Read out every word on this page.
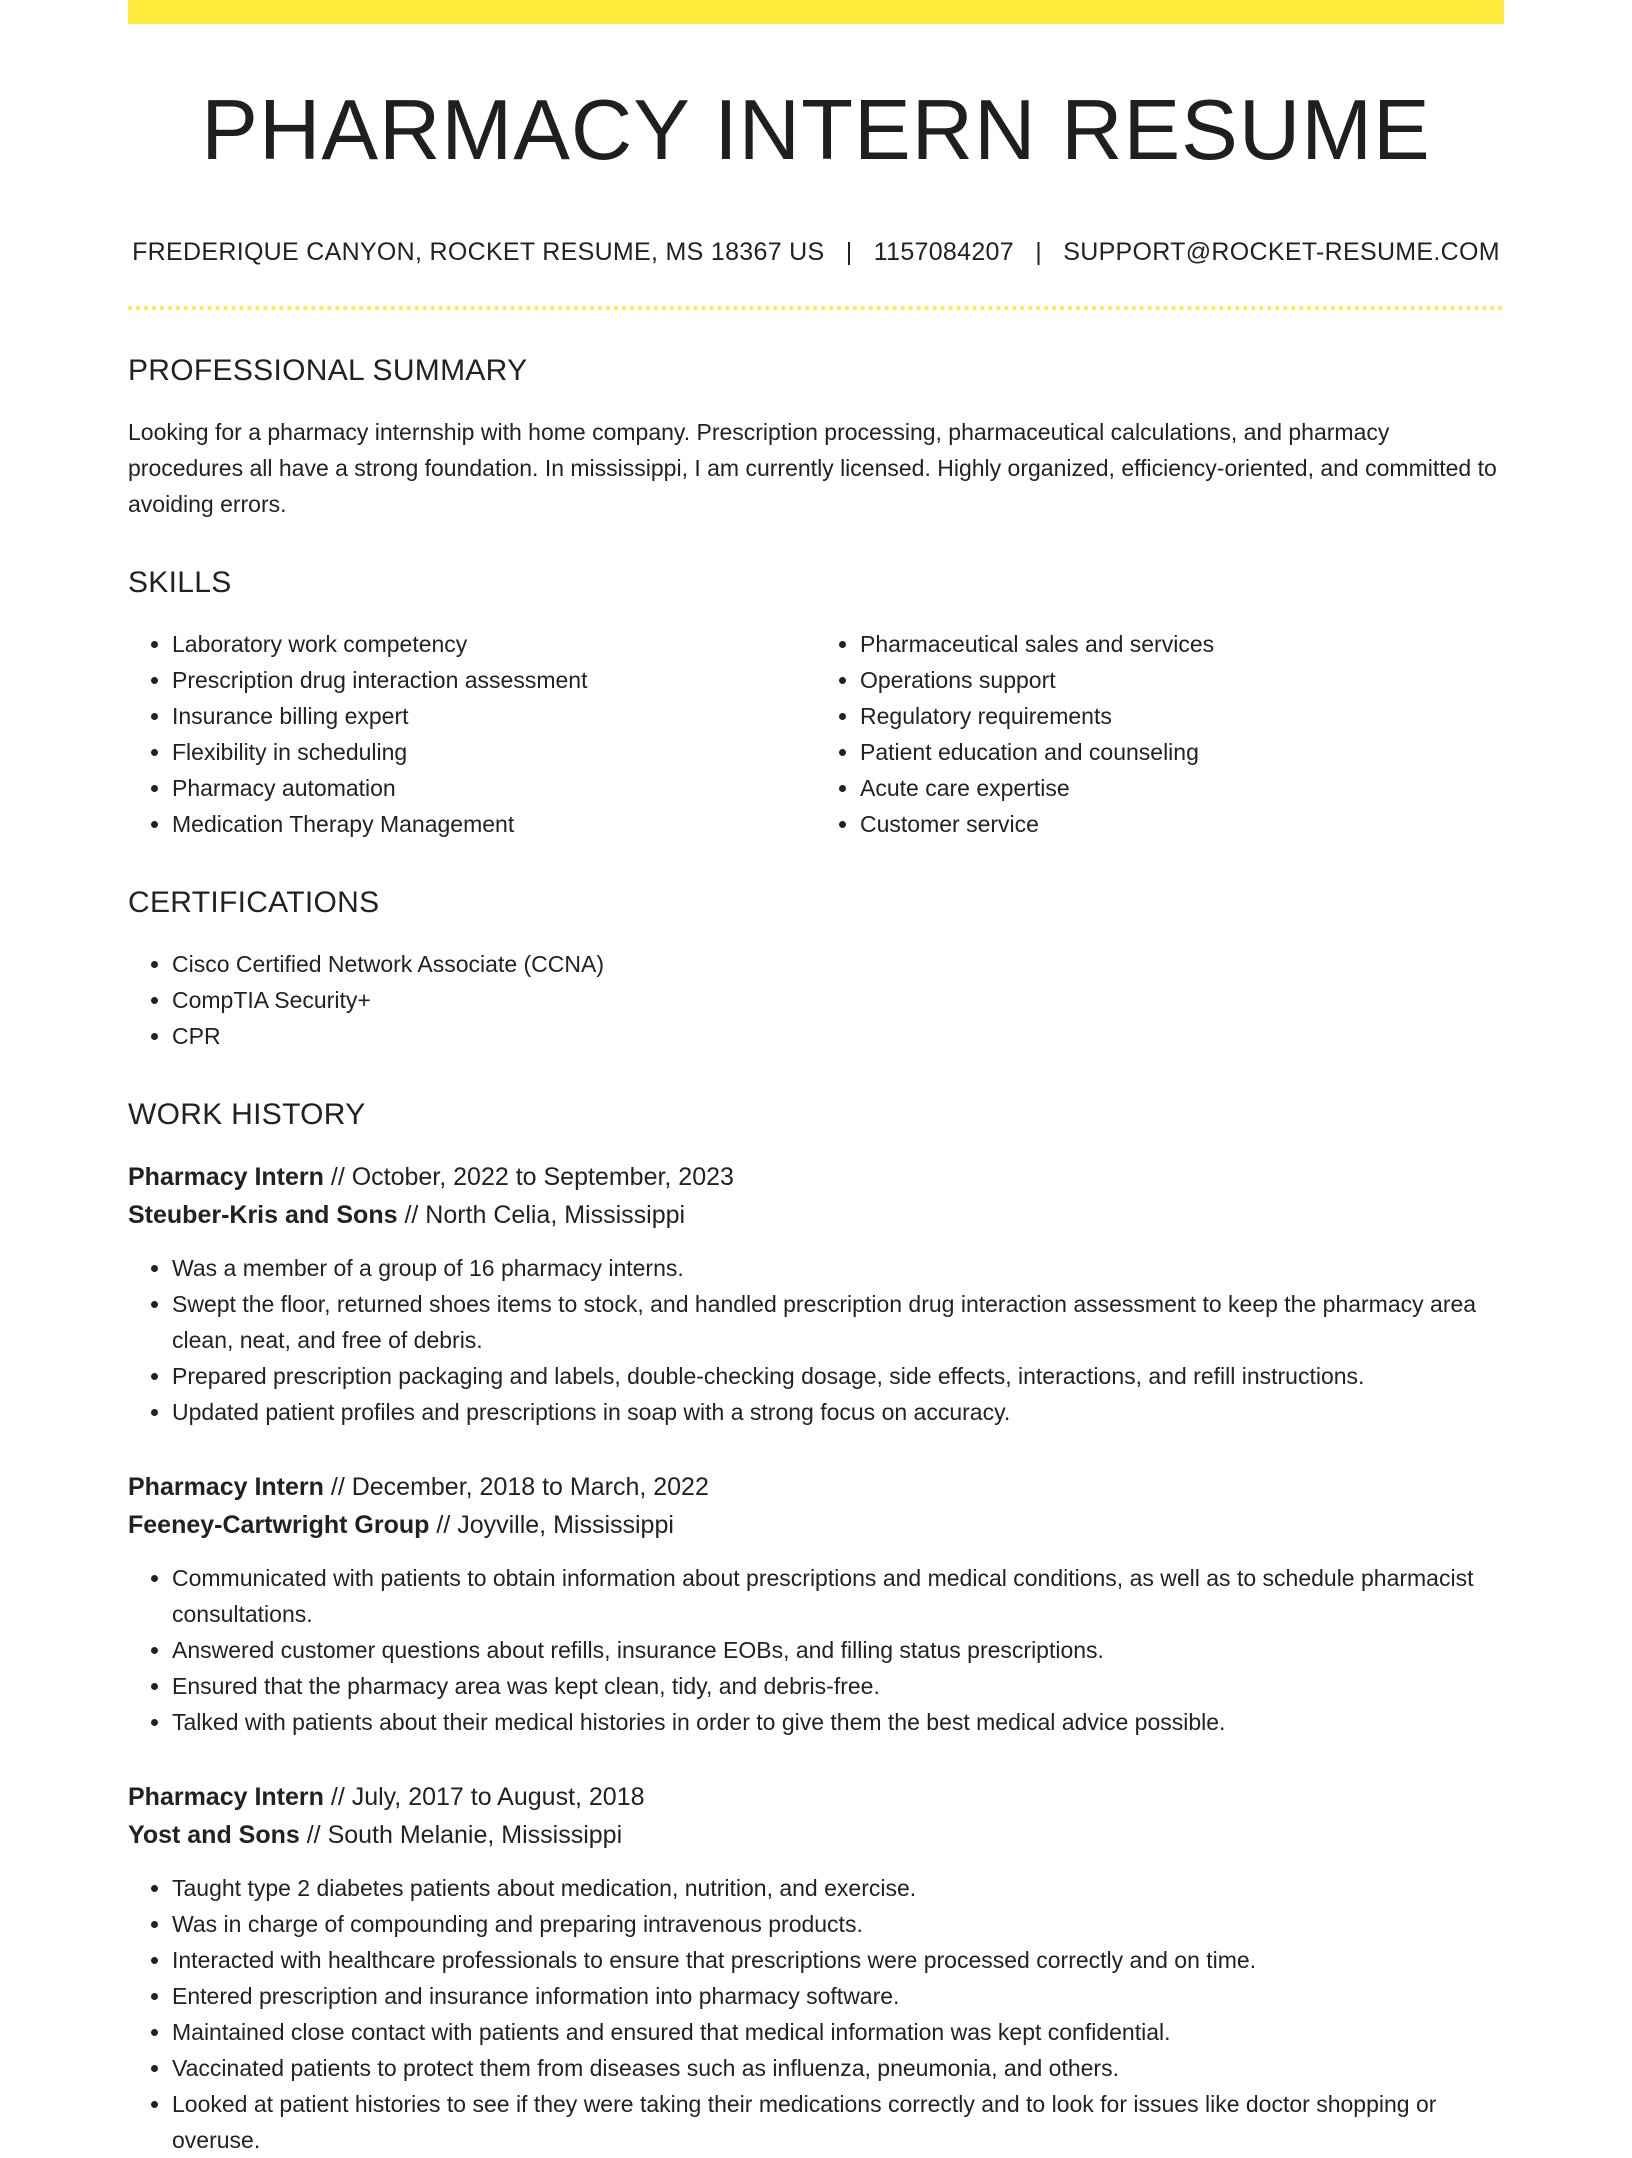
PHARMACY INTERN RESUME
FREDERIQUE CANYON, ROCKET RESUME, MS 18367 US | 1157084207 | SUPPORT@ROCKET-RESUME.COM
PROFESSIONAL SUMMARY

Looking for a pharmacy internship with home company. Prescription processing, pharmaceutical calculations, and pharmacy procedures all have a strong foundation. In mississippi, I am currently licensed. Highly organized, efficiency-oriented, and committed to avoiding errors.

SKILLS
• Laboratory work competency
• Prescription drug interaction assessment
• Insurance billing expert
• Flexibility in scheduling
• Pharmacy automation
• Medication Therapy Management
• Pharmaceutical sales and services
• Operations support
• Regulatory requirements
• Patient education and counseling
• Acute care expertise
• Customer service
CERTIFICATIONS
• Cisco Certified Network Associate (CCNA)
• CompTIA Security+
• CPR
WORK HISTORY
Pharmacy Intern // October, 2022 to September, 2023
Steuber-Kris and Sons // North Celia, Mississippi
• Was a member of a group of 16 pharmacy interns.
• Swept the floor, returned shoes items to stock, and handled prescription drug interaction assessment to keep the pharmacy area clean, neat, and free of debris.
• Prepared prescription packaging and labels, double-checking dosage, side effects, interactions, and refill instructions.
• Updated patient profiles and prescriptions in soap with a strong focus on accuracy.
Pharmacy Intern // December, 2018 to March, 2022
Feeney-Cartwright Group // Joyville, Mississippi
• Communicated with patients to obtain information about prescriptions and medical conditions, as well as to schedule pharmacist consultations.
• Answered customer questions about refills, insurance EOBs, and filling status prescriptions.
• Ensured that the pharmacy area was kept clean, tidy, and debris-free.
• Talked with patients about their medical histories in order to give them the best medical advice possible.
Pharmacy Intern // July, 2017 to August, 2018
Yost and Sons // South Melanie, Mississippi
• Taught type 2 diabetes patients about medication, nutrition, and exercise.
• Was in charge of compounding and preparing intravenous products.
• Interacted with healthcare professionals to ensure that prescriptions were processed correctly and on time.
• Entered prescription and insurance information into pharmacy software.
• Maintained close contact with patients and ensured that medical information was kept confidential.
• Vaccinated patients to protect them from diseases such as influenza, pneumonia, and others.
• Looked at patient histories to see if they were taking their medications correctly and to look for issues like doctor shopping or overuse.
